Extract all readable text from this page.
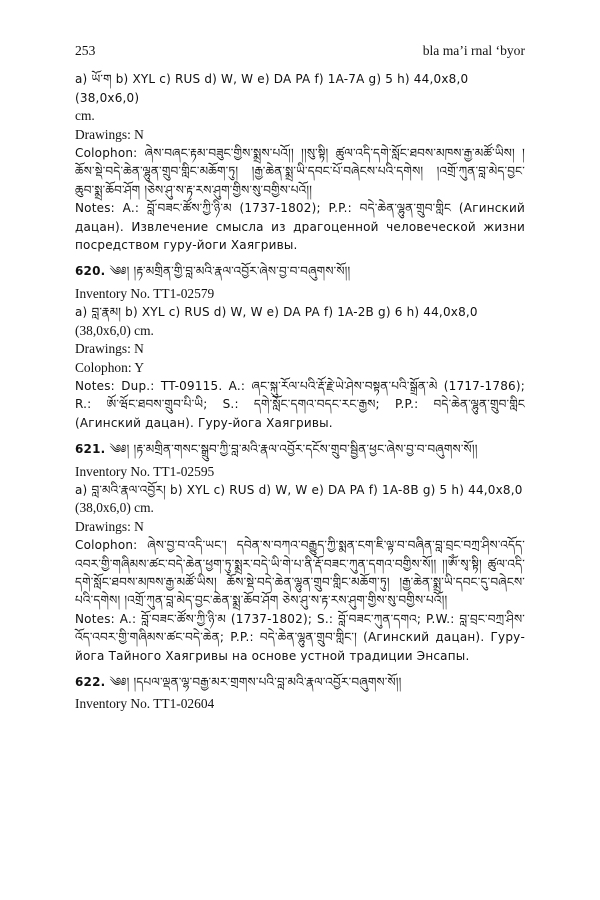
253	bla ma’i rnal ‘byor
a) ཡོ་ག b) XYL c) RUS d) W, W e) DA PA f) 1A-7A g) 5 h) 44,0x8,0 (38,0x6,0)
cm.
Drawings: N
Colophon: ཞེས་བཞང་རྟམ་བཟུང་གྱིས་སྨྲས་པའོ།། །།སུ་སྟི། ཚུལ་འདི་དགེ་སློང་ཐབས་མཁས་རྒྱ་མཚོ་ཡིས། །ཆོས་སྡེ་བདེ་ཆེན་ལྷུན་གྲུབ་གླིང་མཆོག་ཏུ། །རྒྱ་ཆེན་སྨྲ་ཡི་དབང་པོ་བཞེངས་པའི་དགེས། །འགྲོ་ཀུན་བླ་མེད་བྱང་ཆུབ་སྨྲ་ཆོབ་ཤོག །ཅེས་ཤུ་ས་རྟ་རས་ཤུག་གྱིས་སུ་བགྱིས་པའོ།།
Notes: A.: བློ་བཟང་ཚོས་ཀྱི་ཉི་མ (1737-1802); P.P.: བདེ་ཆེན་ལྷུན་གྲུབ་གླིང (Агинский дацан). Извлечение смысла из драгоценной человеческой жизни посредством гуру-йоги Хаягривы.
620. ༄༅། །རྟ་མགྲིན་གྱི་བླ་མའི་རྣལ་འབྱོར་ཞེས་བྱ་བ་བཞུགས་སོ།།
Inventory No. TT1-02579
a) བླ་རྣམ། b) XYL c) RUS d) W, W e) DA PA f) 1A-2B g) 6 h) 44,0x8,0
(38,0x6,0) cm.
Drawings: N
Colophon: Y
Notes: Dup.: TT-09115. A.: ཞང་སྐུ་རོལ་པའི་རྡོ་རྗེ་ཡེ་ཤེས་བསྟན་པའི་སྒྲོན་མེ (1717-1786); R.: ཨོ་ཝོང་ཐབས་གྲུབ་པི་ཡི; S.: དགེ་སློང་དགའ་བདང་རང་རྒྱས; P.P.: བདེ་ཆེན་ལྷུན་གྲུབ་གླིང (Агинский дацан). Гуру-йога Хаягривы.
621. ༄༅། །རྟ་མགྲིན་གསང་སྒྲུབ་ཀྱི་བླ་མའི་རྣལ་འབྱོར་དངོས་གྲུབ་སྦྱིན་ཕྱང་ཞེས་བྱ་བ་བཞུགས་སོ།།
Inventory No. TT1-02595
a) བླ་མའི་རྣལ་འབྱོར། b) XYL c) RUS d) W, W e) DA PA f) 1A-8B g) 5 h) 44,0x8,0
(38,0x6,0) cm.
Drawings: N
Colophon: ཞེས་བྱ་བ་འདི་ཡང་། དབེན་ས་བཀའ་བརྒྱུད་ཀྱི་སྨན་ངག་ཇི་ལྟ་བ་བཞིན་བླ་བྲང་བཀྲ་ཤིས་འདོད་འབར་གྱི་གཞིམས་ཚང་བདེ་ཆེན་ཕྱག་ཏུ་སྨྲར་བདེ་ཡི་གེ་པ་ནི་རྡོ་བཟང་ཀུན་དགའ་བགྱིས་སོ།། །།ཨོཾ་སྭ་སྟི། ཚུལ་འདི་དགེ་སློང་ཐབས་མཁས་རྒྱ་མཚོ་ཡིས། ཆོས་སྡེ་བདེ་ཆེན་ལྷུན་གྲུབ་གླིང་མཆོག་ཏུ། །རྒྱ་ཆེན་སྨྲ་ཡི་དབང་དུ་བཞེངས་པའི་དགེས། །འགྲོ་ཀུན་བླ་མེད་བྱང་ཆེན་སྨྲ་ཆོབ་ཤོག ཅེས་ཤུ་ས་རྟ་རས་ཤུག་གྱིས་སུ་བགྱིས་པའོ།།
Notes: A.: བློ་བཟང་ཚོས་ཀྱི་ཉི་མ (1737-1802); S.: བློ་བཟང་ཀུན་དགའ; P.W.: བླ་བྲང་བཀྲ་ཤིས་འོད་འབར་གྱི་གཞིམས་ཚང་བདེ་ཆེན; P.P.: བདེ་ཆེན་ལྷུན་གྲུབ་གླིང་། (Агинский дацан). Гуру-йога Тайного Хаягривы на основе устной традиции Энсапы.
622. ༄༅། །དཔལ་ལྡན་ལྷ་བརྒྱ་མར་གྲགས་པའི་བླ་མའི་རྣལ་འབྱོར་བཞུགས་སོ།།
Inventory No. TT1-02604
